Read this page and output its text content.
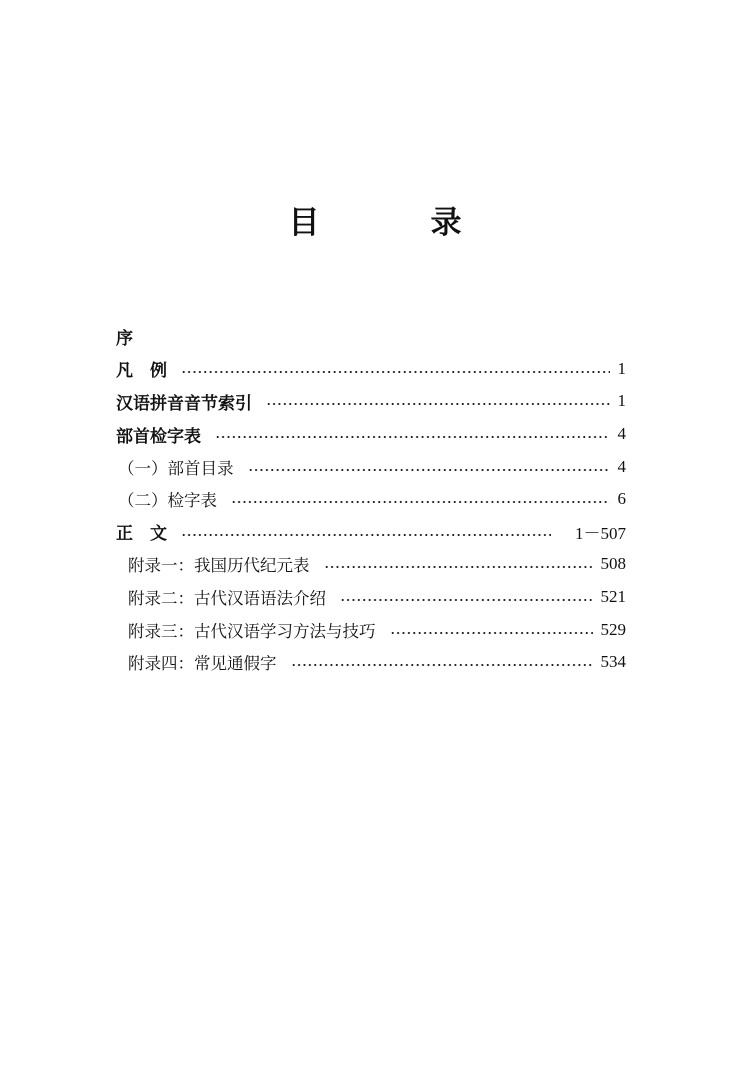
目　录
序
凡　例	1
汉语拼音音节索引	1
部首检字表	4
（一）部首目录	4
（二）检字表	6
正　文	1－507
附录一：我国历代纪元表	508
附录二：古代汉语语法介绍	521
附录三：古代汉语学习方法与技巧	529
附录四：常见通假字	534
